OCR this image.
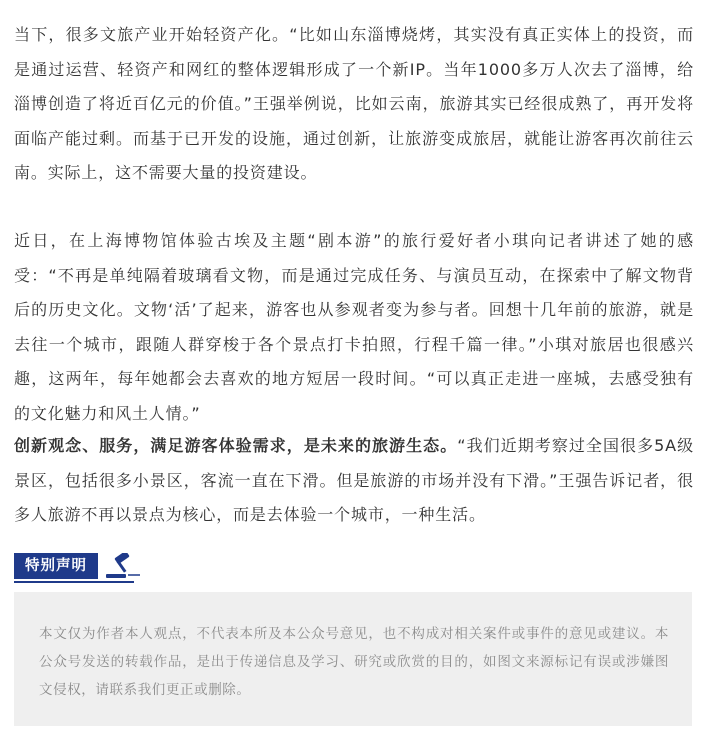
当下，很多文旅产业开始轻资产化。“比如山东淄博烧烤，其实没有真正实体上的投资，而是通过运营、轻资产和网红的整体逻辑形成了一个新IP。当年1000多万人次去了淄博，给淄博创造了将近百亿元的价值。”王强举例说，比如云南，旅游其实已经很成熟了，再开发将面临产能过剩。而基于已开发的设施，通过创新，让旅游变成旅居，就能让游客再次前往云南。实际上，这不需要大量的投资建设。

近日，在上海博物馆体验古埃及主题“剧本游”的旅行爱好者小琪向记者讲述了她的感受：“不再是单纯隔着玻璃看文物，而是通过完成任务、与演员互动，在探索中了解文物背后的历史文化。文物‘活’了起来，游客也从参观者变为参与者。回想十几年前的旅游，就是去往一个城市，跟随人群穿梭于各个景点打卡拍照，行程千篇一律。”小琪对旅居也很感兴趣，这两年，每年她都会去喜欢的地方短居一段时间。“可以真正走进一座城，去感受独有的文化魅力和风土人情。”

创新观念、服务，满足游客体验需求，是未来的旅游生态。“我们近期考察过全国很多5A级景区，包括很多小景区，客流一直在下滑。但是旅游的市场并没有下滑。”王强告诉记者，很多人旅游不再以景点为核心，而是去体验一个城市，一种生活。

特别声明

本文仅为作者本人观点，不代表本所及本公众号意见，也不构成对相关案件或事件的意见或建议。本公众号发送的转载作品，是出于传递信息及学习、研究或欣赏的目的，如图文来源标记有误或涉嫌图文侵权，请联系我们更正或删除。
